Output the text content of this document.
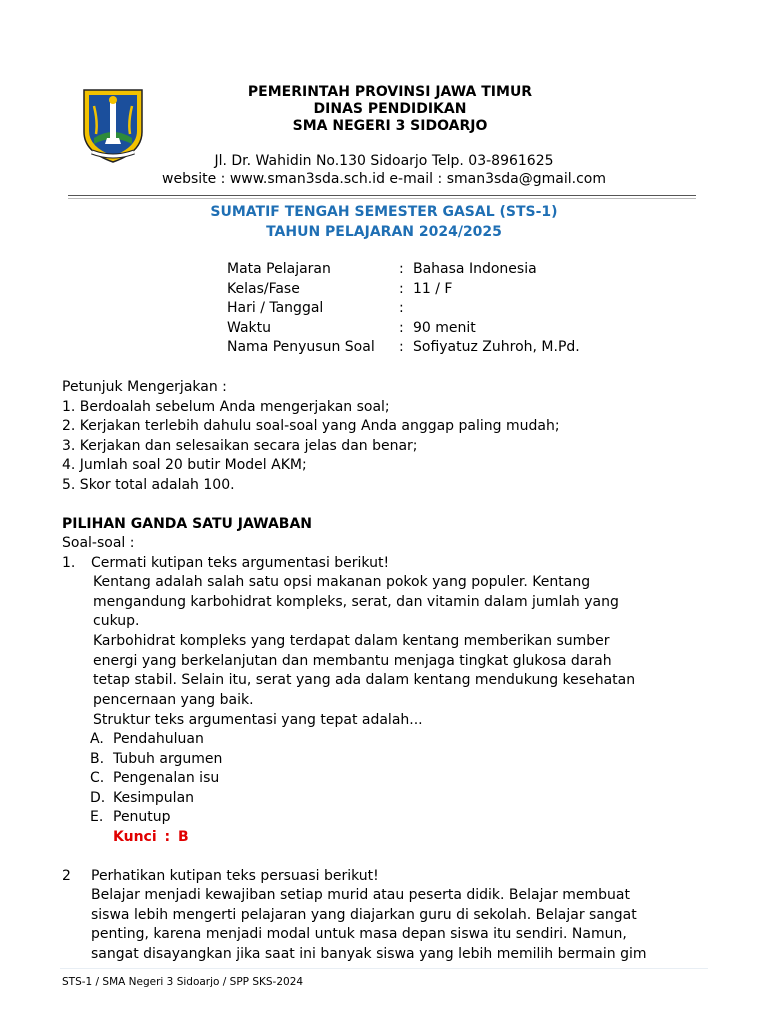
PEMERINTAH PROVINSI JAWA TIMUR
DINAS PENDIDIKAN
SMA NEGERI 3 SIDOARJO
Jl. Dr. Wahidin No.130 Sidoarjo Telp. 03-8961625
website : www.sman3sda.sch.id e-mail : sman3sda@gmail.com
SUMATIF TENGAH SEMESTER GASAL (STS-1)
TAHUN PELAJARAN 2024/2025
Mata Pelajaran	: Bahasa Indonesia
Kelas/Fase	: 11 / F
Hari / Tanggal	:
Waktu	: 90 menit
Nama Penyusun Soal	: Sofiyatuz Zuhroh, M.Pd.
Petunjuk Mengerjakan :
1. Berdoalah sebelum Anda mengerjakan soal;
2. Kerjakan terlebih dahulu soal-soal yang Anda anggap paling mudah;
3. Kerjakan dan selesaikan secara jelas dan benar;
4. Jumlah soal 20 butir Model AKM;
5. Skor total adalah 100.
PILIHAN GANDA SATU JAWABAN
Soal-soal :
1. Cermati kutipan teks argumentasi berikut!
Kentang adalah salah satu opsi makanan pokok yang populer. Kentang
mengandung karbohidrat kompleks, serat, dan vitamin dalam jumlah yang
cukup.
Karbohidrat kompleks yang terdapat dalam kentang memberikan sumber
energi yang berkelanjutan dan membantu menjaga tingkat glukosa darah
tetap stabil. Selain itu, serat yang ada dalam kentang mendukung kesehatan
pencernaan yang baik.
Struktur teks argumentasi yang tepat adalah...
A. Pendahuluan
B. Tubuh argumen
C. Pengenalan isu
D. Kesimpulan
E. Penutup
Kunci : B
2 Perhatikan kutipan teks persuasi berikut!
Belajar menjadi kewajiban setiap murid atau peserta didik. Belajar membuat
siswa lebih mengerti pelajaran yang diajarkan guru di sekolah. Belajar sangat
penting, karena menjadi modal untuk masa depan siswa itu sendiri. Namun,
sangat disayangkan jika saat ini banyak siswa yang lebih memilih bermain gim
STS-1 / SMA Negeri 3 Sidoarjo / SPP SKS-2024
